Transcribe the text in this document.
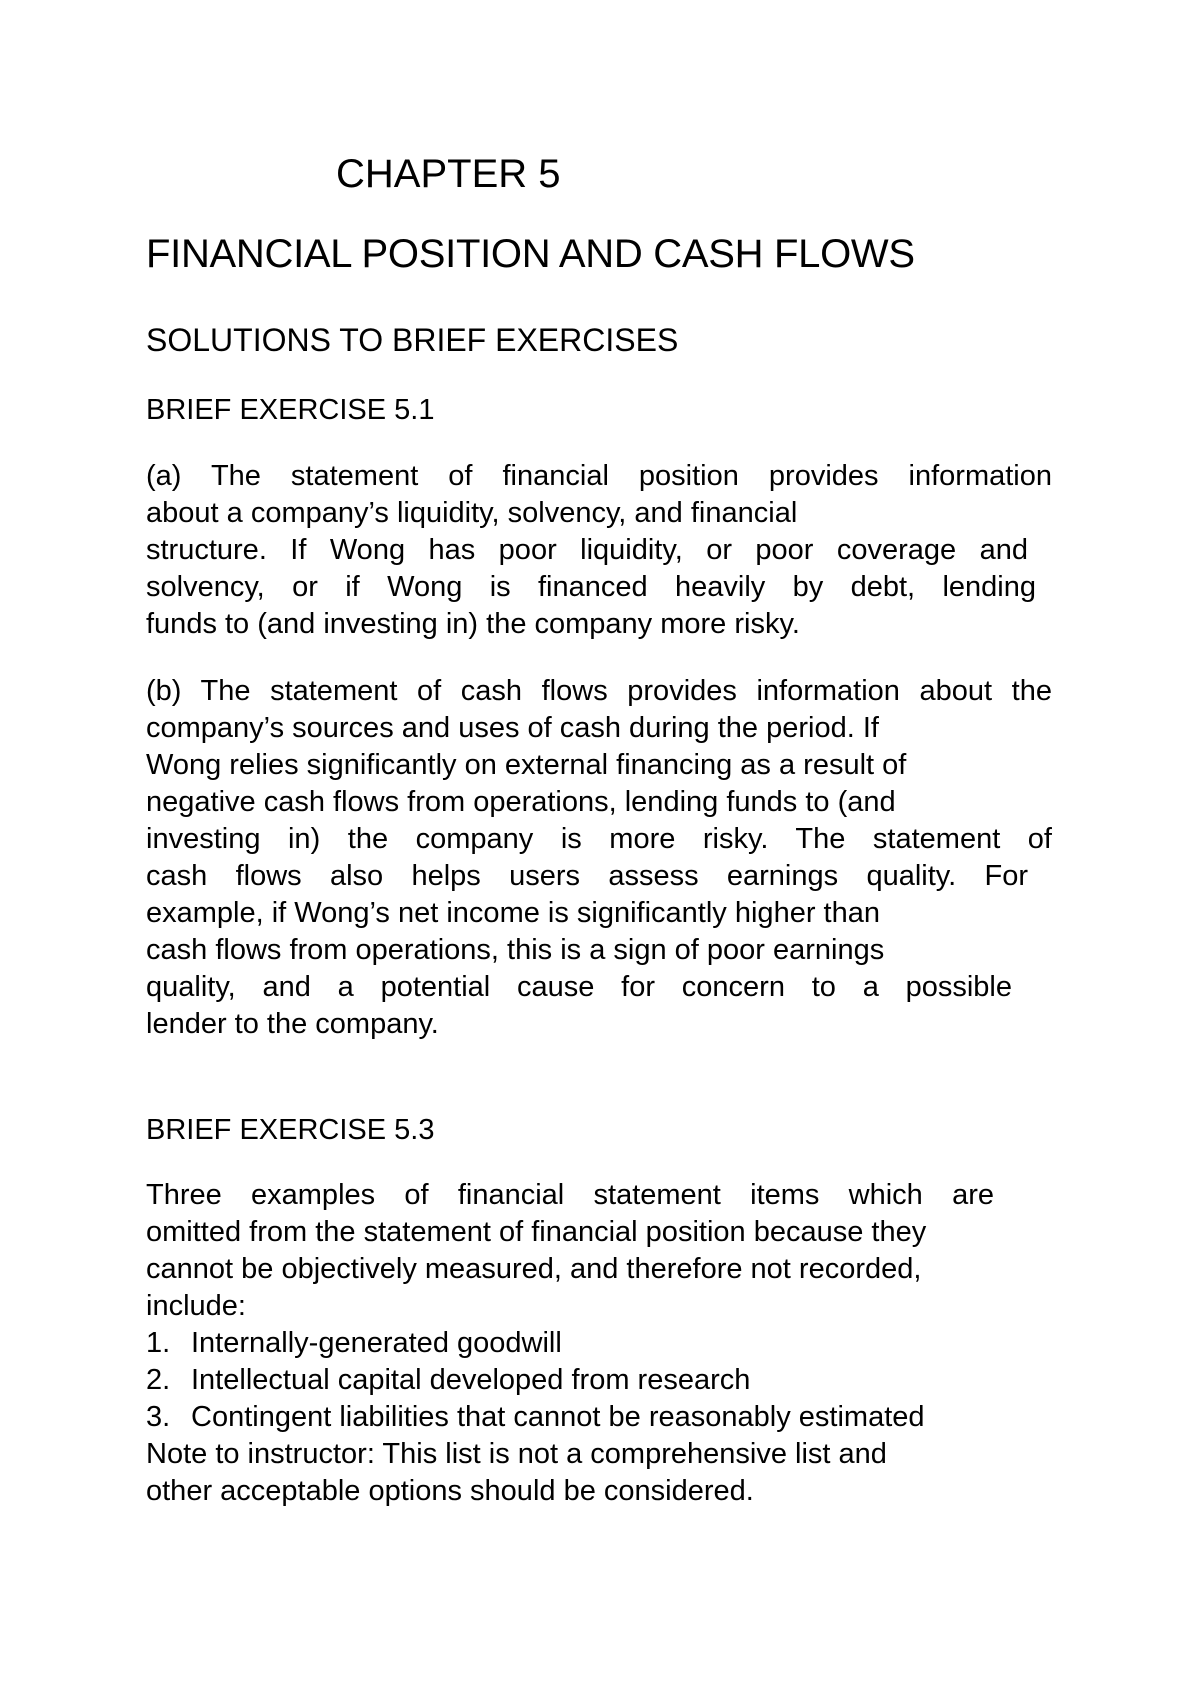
CHAPTER 5
FINANCIAL POSITION AND CASH FLOWS
SOLUTIONS TO BRIEF EXERCISES
BRIEF EXERCISE 5.1

(a) The statement of financial position provides information
about a company’s liquidity, solvency, and financial
structure. If Wong has poor liquidity, or poor coverage and
solvency, or if Wong is financed heavily by debt, lending
funds to (and investing in) the company more risky.

(b) The statement of cash flows provides information about the
company’s sources and uses of cash during the period. If
Wong relies significantly on external financing as a result of
negative cash flows from operations, lending funds to (and
investing in) the company is more risky. The statement of
cash flows also helps users assess earnings quality. For
example, if Wong’s net income is significantly higher than
cash flows from operations, this is a sign of poor earnings
quality, and a potential cause for concern to a possible
lender to the company.

BRIEF EXERCISE 5.3

Three examples of financial statement items which are
omitted from the statement of financial position because they
cannot be objectively measured, and therefore not recorded,
include:

1. Internally-generated goodwill
2. Intellectual capital developed from research
3. Contingent liabilities that cannot be reasonably estimated

Note to instructor: This list is not a comprehensive list and
other acceptable options should be considered.
